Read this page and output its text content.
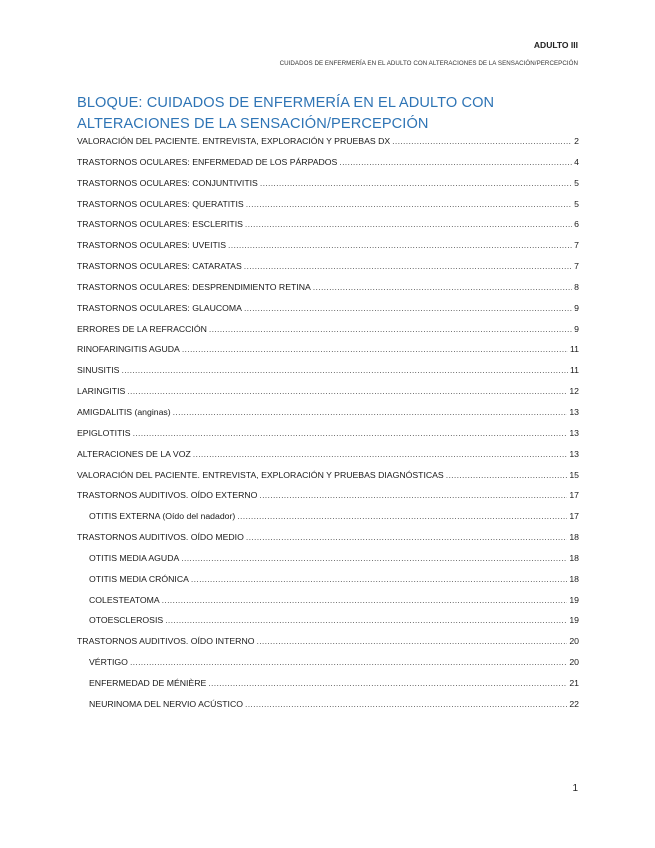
ADULTO III
CUIDADOS DE ENFERMERÍA EN EL ADULTO CON ALTERACIONES DE LA SENSACIÓN/PERCEPCIÓN
BLOQUE: CUIDADOS DE ENFERMERÍA EN EL ADULTO CON ALTERACIONES DE LA SENSACIÓN/PERCEPCIÓN
VALORACIÓN DEL PACIENTE. ENTREVISTA, EXPLORACIÓN Y PRUEBAS DX .....	2
TRASTORNOS OCULARES: ENFERMEDAD DE LOS PÁRPADOS .....	4
TRASTORNOS OCULARES: CONJUNTIVITIS .....	5
TRASTORNOS OCULARES: QUERATITIS .....	5
TRASTORNOS OCULARES: ESCLERITIS .....	6
TRASTORNOS OCULARES: UVEITIS .....	7
TRASTORNOS OCULARES: CATARATAS .....	7
TRASTORNOS OCULARES: DESPRENDIMIENTO RETINA .....	8
TRASTORNOS OCULARES: GLAUCOMA .....	9
ERRORES DE LA REFRACCIÓN .....	9
RINOFARINGITIS AGUDA .....	11
SINUSITIS .....	11
LARINGITIS .....	12
AMIGDALITIS (anginas) .....	13
EPIGLOTITIS .....	13
ALTERACIONES DE LA VOZ .....	13
VALORACIÓN DEL PACIENTE. ENTREVISTA, EXPLORACIÓN Y PRUEBAS DIAGNÓSTICAS .....	15
TRASTORNOS AUDITIVOS. OÍDO EXTERNO .....	17
OTITIS EXTERNA (Oído del nadador) .....	17
TRASTORNOS AUDITIVOS. OÍDO MEDIO .....	18
OTITIS MEDIA AGUDA .....	18
OTITIS MEDIA CRÓNICA .....	18
COLESTEATOMA .....	19
OTOESCLEROSIS .....	19
TRASTORNOS AUDITIVOS. OÍDO INTERNO .....	20
VÉRTIGO .....	20
ENFERMEDAD DE MÉNIÈRE .....	21
NEURINOMA DEL NERVIO ACÚSTICO .....	22
1
